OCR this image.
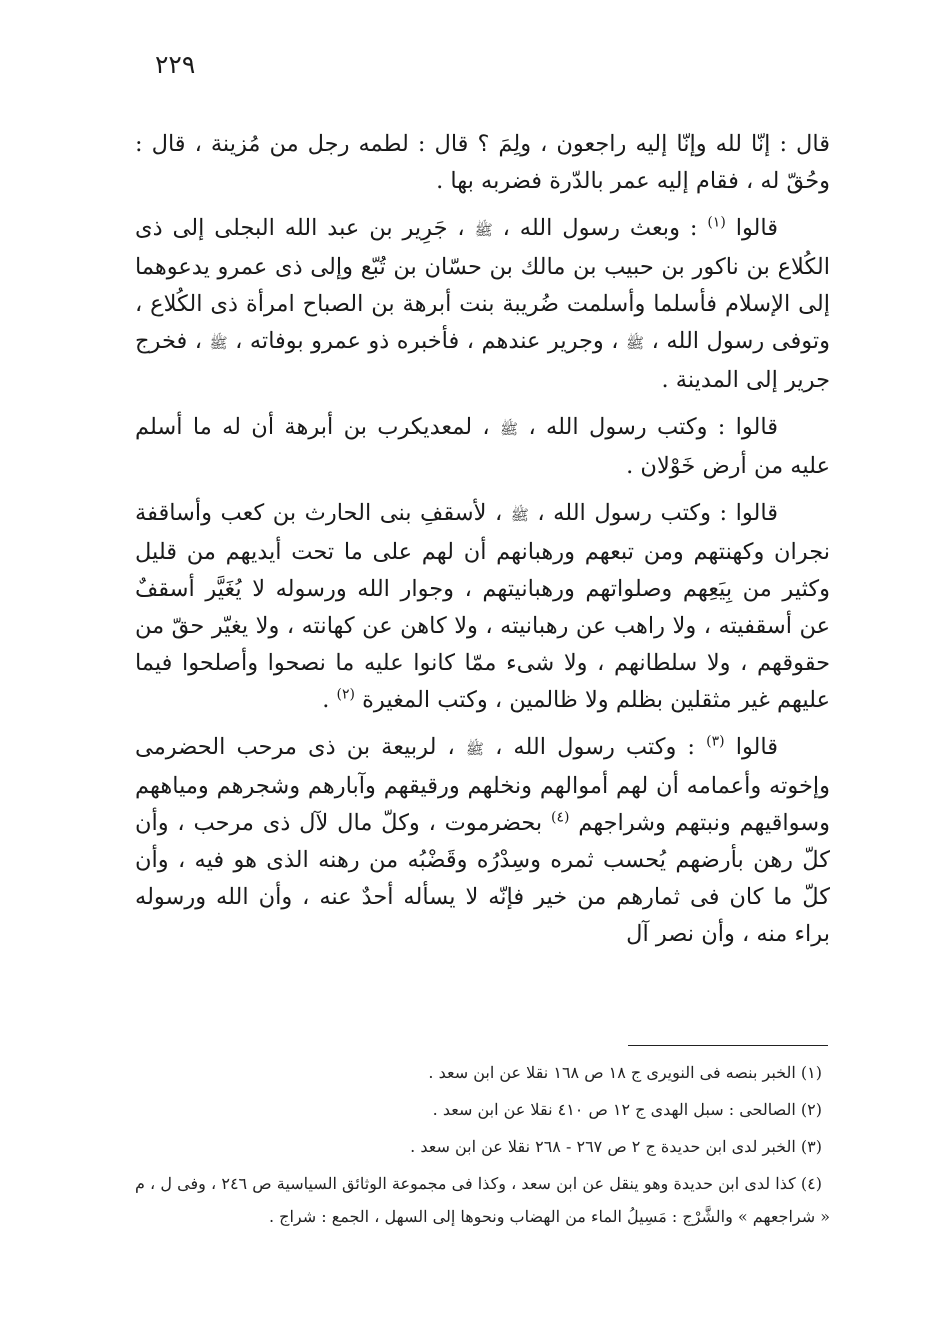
٢٢٩

قال : إنّا لله وإنّا إليه راجعون ، ولِمَ ؟ قال : لطمه رجل من مُزينة ، قال : وحُقّ له ، فقام إليه عمر بالدّرة فضربه بها .

قالوا $^{(١)}$ : وبعث رسول الله ، ﷺ ، جَرِير بن عبد الله البجلى إلى ذى الكُلاع بن ناكور بن حبيب بن مالك بن حسّان بن تُبّع وإلى ذى عمرو يدعوهما إلى الإسلام فأسلما وأسلمت ضُريبة بنت أبرهة بن الصباح امرأة ذى الكُلاع ، وتوفى رسول الله ، ﷺ ، وجرير عندهم ، فأخبره ذو عمرو بوفاته ، ﷺ ، فخرج جرير إلى المدينة .

قالوا : وكتب رسول الله ، ﷺ ، لمعديكرب بن أبرهة أن له ما أسلم عليه من أرض خَوْلان .

قالوا : وكتب رسول الله ، ﷺ ، لأسقفِ بنى الحارث بن كعب وأساقفة نجران وكهنتهم ومن تبعهم ورهبانهم أن لهم على ما تحت أيديهم من قليل وكثير من بِيَعِهم وصلواتهم ورهبانيتهم ، وجوار الله ورسوله لا يُغَيَّر أسقفٌ عن أسقفيته ، ولا راهب عن رهبانيته ، ولا كاهن عن كهانته ، ولا يغيّر حقّ من حقوقهم ، ولا سلطانهم ، ولا شىء ممّا كانوا عليه ما نصحوا وأصلحوا فيما عليهم غير مثقلين بظلم ولا ظالمين ، وكتب المغيرة $^{(٢)}$ .

قالوا $^{(٣)}$ : وكتب رسول الله ، ﷺ ، لربيعة بن ذى مرحب الحضرمى وإخوته وأعمامه أن لهم أموالهم ونخلهم ورقيقهم وآبارهم وشجرهم ومياههم وسواقيهم ونبتهم وشراجهم $^{(٤)}$ بحضرموت ، وكلّ مال لآل ذى مرحب ، وأن كلّ رهن بأرضهم يُحسب ثمره وسِدْرُه وقَضْبُه من رهنه الذى هو فيه ، وأن كلّ ما كان فى ثمارهم من خير فإنّه لا يسأله أحدٌ عنه ، وأن الله ورسوله براء منه ، وأن نصر آل

(١) الخبر بنصه فى النويرى ج ١٨ ص ١٦٨ نقلا عن ابن سعد .

(٢) الصالحى : سبل الهدى ج ١٢ ص ٤١٠ نقلا عن ابن سعد .

(٣) الخبر لدى ابن حديدة ج ٢ ص ٢٦٧ - ٢٦٨ نقلا عن ابن سعد .

(٤) كذا لدى ابن حديدة وهو ينقل عن ابن سعد ، وكذا فى مجموعة الوثائق السياسية ص ٢٤٦ ، وفى ل ، م « شراجعهم » والشَّرْج : مَسِيلُ الماء من الهضاب ونحوها إلى السهل ، الجمع : شراج .
